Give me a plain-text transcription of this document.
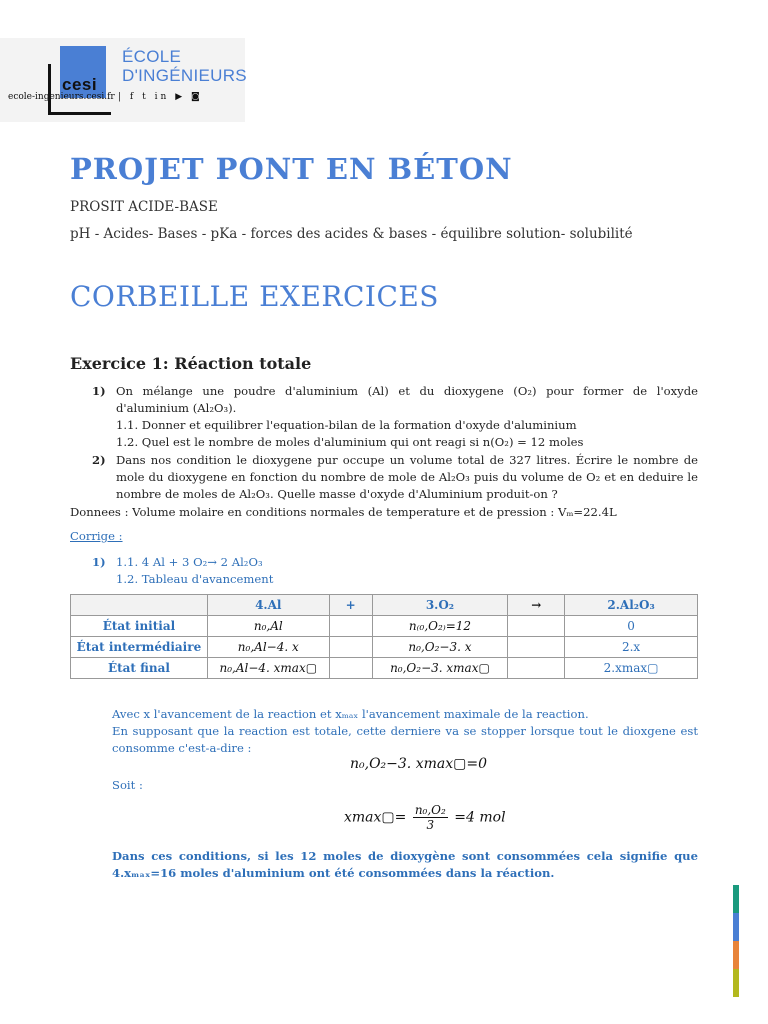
cesi
ÉCOLE
D'INGÉNIEURS
ecole-ingenieurs.cesi.fr | f t in ▶ ◙
PROJET PONT EN BÉTON
PROSIT ACIDE-BASE
pH - Acides- Bases - pKa - forces des acides & bases - équilibre solution- solubilité
CORBEILLE EXERCICES
Exercice 1: Réaction totale
1) On mélange une poudre d'aluminium (Al) et du dioxygene (O₂) pour former de l'oxyde d'aluminium (Al₂O₃).
1.1. Donner et equilibrer l'equation-bilan de la formation d'oxyde d'aluminium
1.2. Quel est le nombre de moles d'aluminium qui ont reagi si n(O₂) = 12 moles
2) Dans nos condition le dioxygene pur occupe un volume total de 327 litres. Écrire le nombre de mole du dioxygene en fonction du nombre de mole de Al₂O₃ puis du volume de O₂ et en deduire le nombre de moles de Al₂O₃. Quelle masse d'oxyde d'Aluminium produit-on ?
Donnees : Volume molaire en conditions normales de temperature et de pression : Vₘ=22.4L
Corrige :
1) 1.1. 4 Al + 3 O₂→ 2 Al₂O₃
1.2. Tableau d'avancement
	4.Al	+	3.O₂	→	2.Al₂O₃
État initial	n₀,Al		n₍₀,O₂₎=12		0
État intermédiaire	n₀,Al−4. x		n₀,O₂−3. x		2.x
État final	n₀,Al−4. xmax▢		n₀,O₂−3. xmax▢		2.xmax▢
Avec x l'avancement de la reaction et xₘₐₓ l'avancement maximale de la reaction.
En supposant que la reaction est totale, cette derniere va se stopper lorsque tout le dioxgene est consomme c'est-a-dire :
n₀,O₂−3. xmax▢=0
Soit :
xmax▢= $\frac{\text{n₀,O₂}}{3} =4$ mol
Dans ces conditions, si les 12 moles de dioxygène sont consommées cela signifie que 4.xₘₐₓ=16 moles d'aluminium ont été consommées dans la réaction.
